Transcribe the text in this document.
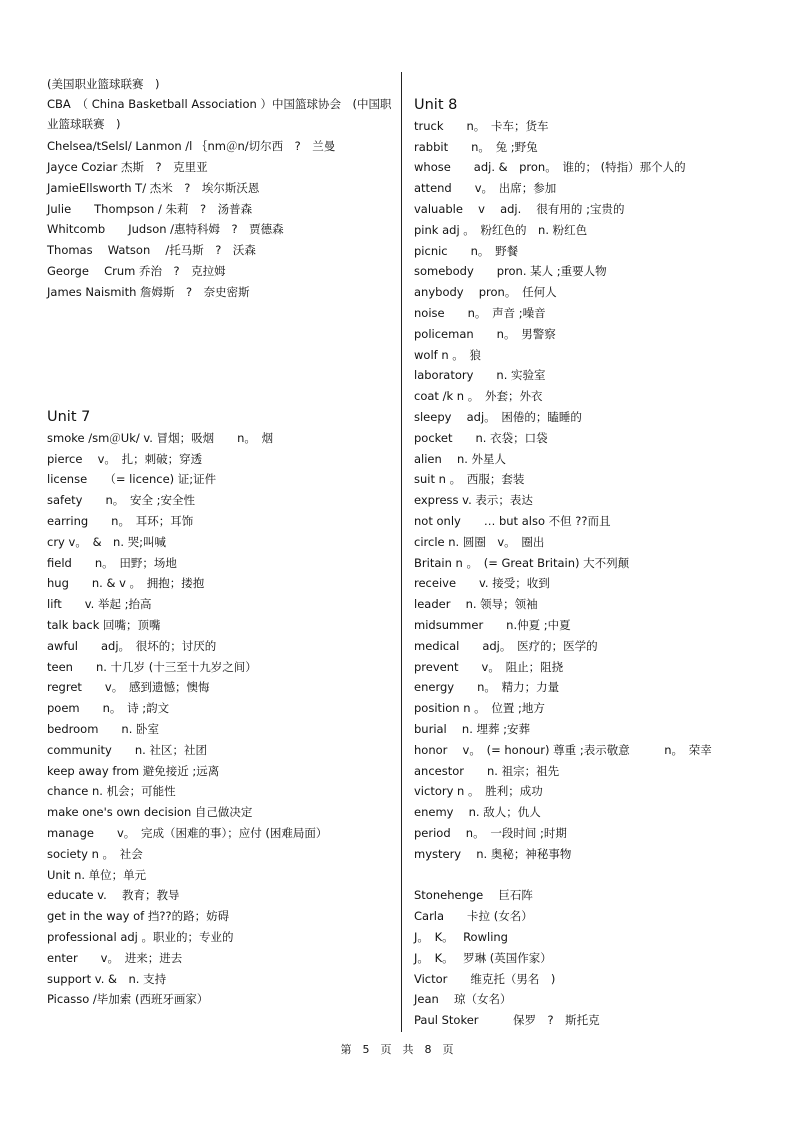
(美国职业篮球联赛　)
CBA　（ China Basketball Association ）中国篮球协会　(中国职业篮球联赛　)
Chelsea/tSelsl/ Lanmon /l ｛nm＠n/切尔西　?　兰曼
Jayce Coziar 杰斯　?　克里亚
JamieEllsworth T/ 杰米　?　埃尔斯沃恩
Julie　　Thompson / 朱莉　?　汤普森
Whitcomb　　Judson /惠特科姆　?　贾德森
Thomas　 Watson　 /托马斯　?　沃森
George　 Crum 乔治　?　克拉姆
James Naismith 詹姆斯　?　奈史密斯
Unit 7
smoke /sm＠Uk/ v. 冒烟；吸烟　　n。　烟
pierce　 v。　扎；刺破；穿透
license　　（= licence) 证;证件
safety　　n。　安全 ;安全性
earring　　n。　耳环；耳饰
cry v。　&　n. 哭;叫喊
field　　n。　田野；场地
hug　　n. & v 。　拥抱；搂抱
lift　　v. 举起 ;抬高
talk back 回嘴；顶嘴
awful　　adj。　很坏的；讨厌的
teen　　n. 十几岁 (十三至十九岁之间）
regret　　v。　感到遗憾；懊悔
poem　　n。　诗 ;韵文
bedroom　　n. 卧室
community　　n. 社区；社团
keep away from 避免接近 ;远离
chance n. 机会；可能性
make one's own decision 自己做决定
manage　　v。　完成（困难的事）；应付 (困难局面）
society n 。　社会
Unit n. 单位；单元
educate v.　 教育；教导
get in the way of 挡??的路；妨碍
professional adj 。职业的；专业的
enter　　v。　进来；进去
support v. &　n. 支持
Picasso /毕加索 (西班牙画家）
Unit 8
truck　　n。　卡车；货车
rabbit　　n。　兔 ;野兔
whose　　adj. &　pron。　谁的； (特指）那个人的
attend　　v。　出席；参加
valuable　 v　 adj.　 很有用的 ;宝贵的
pink adj 。　粉红色的　n. 粉红色
picnic　　n。　野餐
somebody　　pron. 某人 ;重要人物
anybody　 pron。　任何人
noise　　n。　声音 ;噪音
policeman　　n。　男警察
wolf n 。　狼
laboratory　　n. 实验室
coat /k n 。　外套；外衣
sleepy　 adj。　困倦的；瞌睡的
pocket　　n. 衣袋；口袋
alien　 n. 外星人
suit n 。　西服；套装
express v. 表示；表达
not only　　… but also 不但 ??而且
circle n. 圆圈　v。　圈出
Britain n 。　(= Great Britain) 大不列颠
receive　　v. 接受；收到
leader　 n. 领导；领袖
midsummer　　n.仲夏 ;中夏
medical　　adj。　医疗的；医学的
prevent　　v。　阻止；阻挠
energy　　n。　精力；力量
position n 。　位置 ;地方
burial　 n. 埋葬 ;安葬
honor　 v。　(= honour) 尊重 ;表示敬意　　　n。　荣幸
ancestor　　n. 祖宗；祖先
victory n 。　胜利；成功
enemy　 n. 敌人；仇人
period　 n。　一段时间 ;时期
mystery　 n. 奥秘；神秘事物
Stonehenge　 巨石阵
Carla　　卡拉 (女名）
J。　K。　 Rowling
J。　K。　 罗琳 (英国作家）
Victor　　维克托（男名　)
Jean　 琼（女名）
Paul Stoker　　　保罗　?　斯托克
第　5　页　共　8　页
